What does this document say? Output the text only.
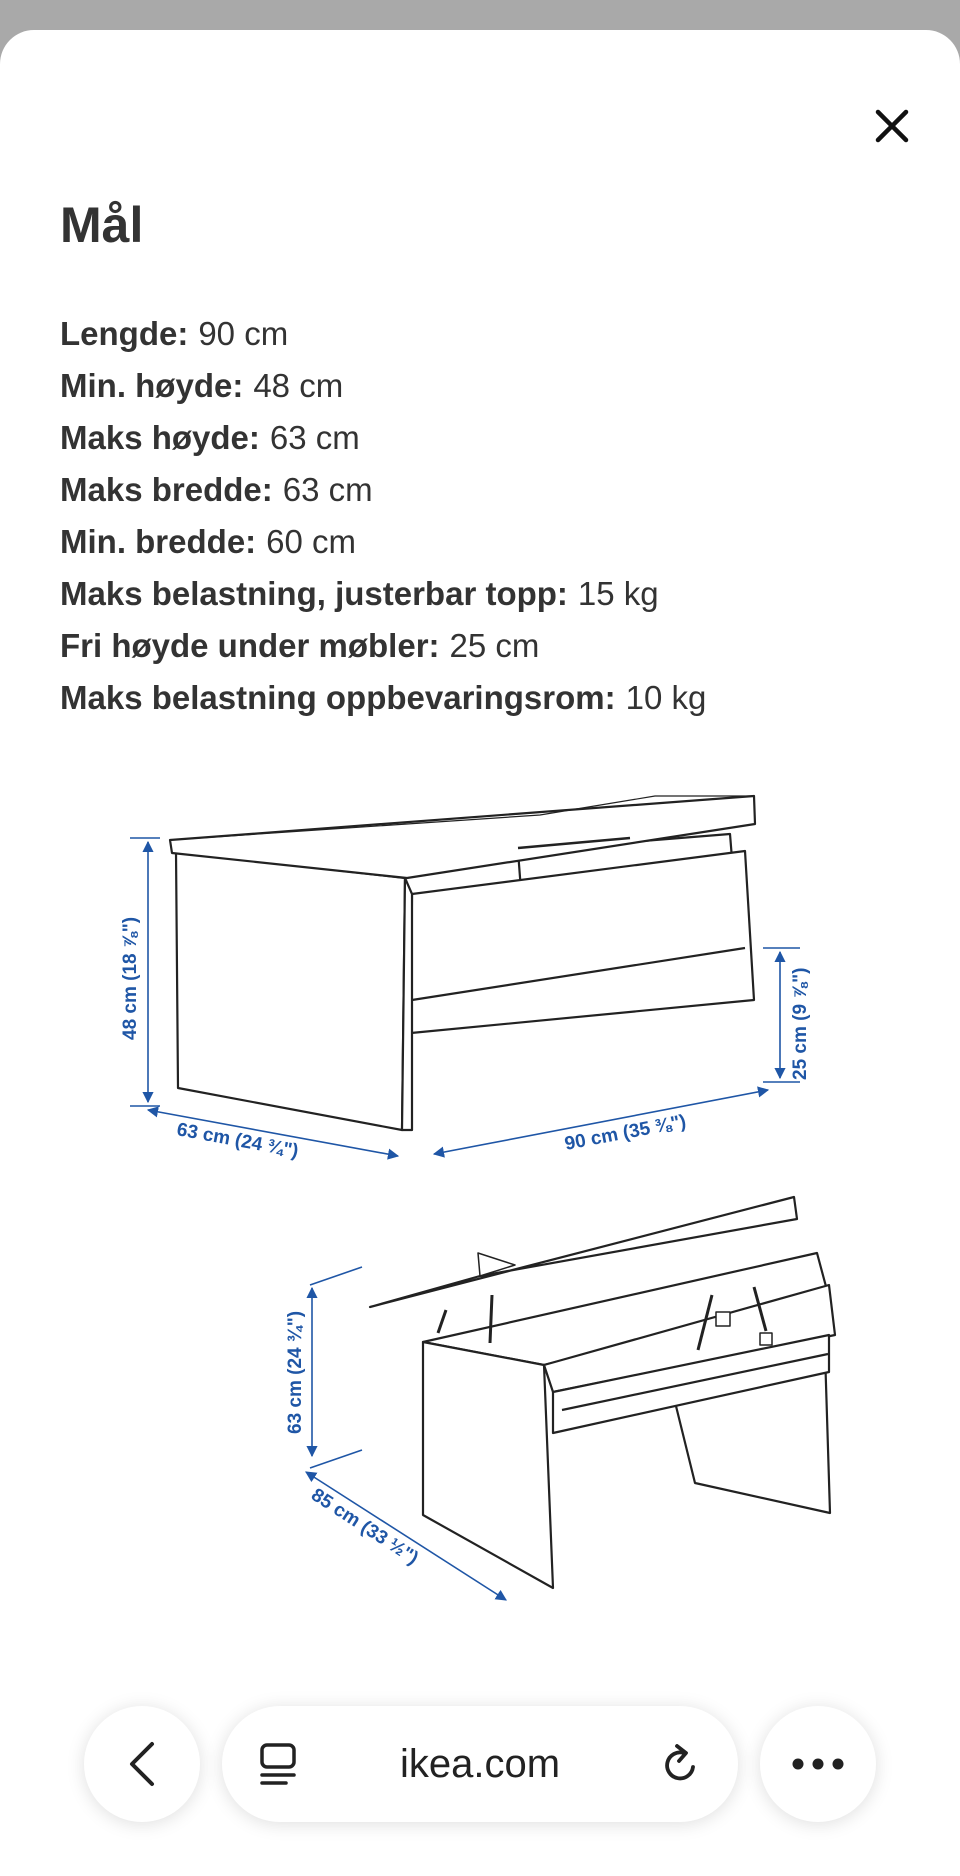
Mål
Lengde: 90 cm
Min. høyde: 48 cm
Maks høyde: 63 cm
Maks bredde: 63 cm
Min. bredde: 60 cm
Maks belastning, justerbar topp: 15 kg
Fri høyde under møbler: 25 cm
Maks belastning oppbevaringsrom: 10 kg
48 cm (18 ⅞")	25 cm (9 ⅞")
63 cm (24 ¾")	90 cm (35 ⅜")
63 cm (24 ¾")
85 cm (33 ½")
ikea.com
